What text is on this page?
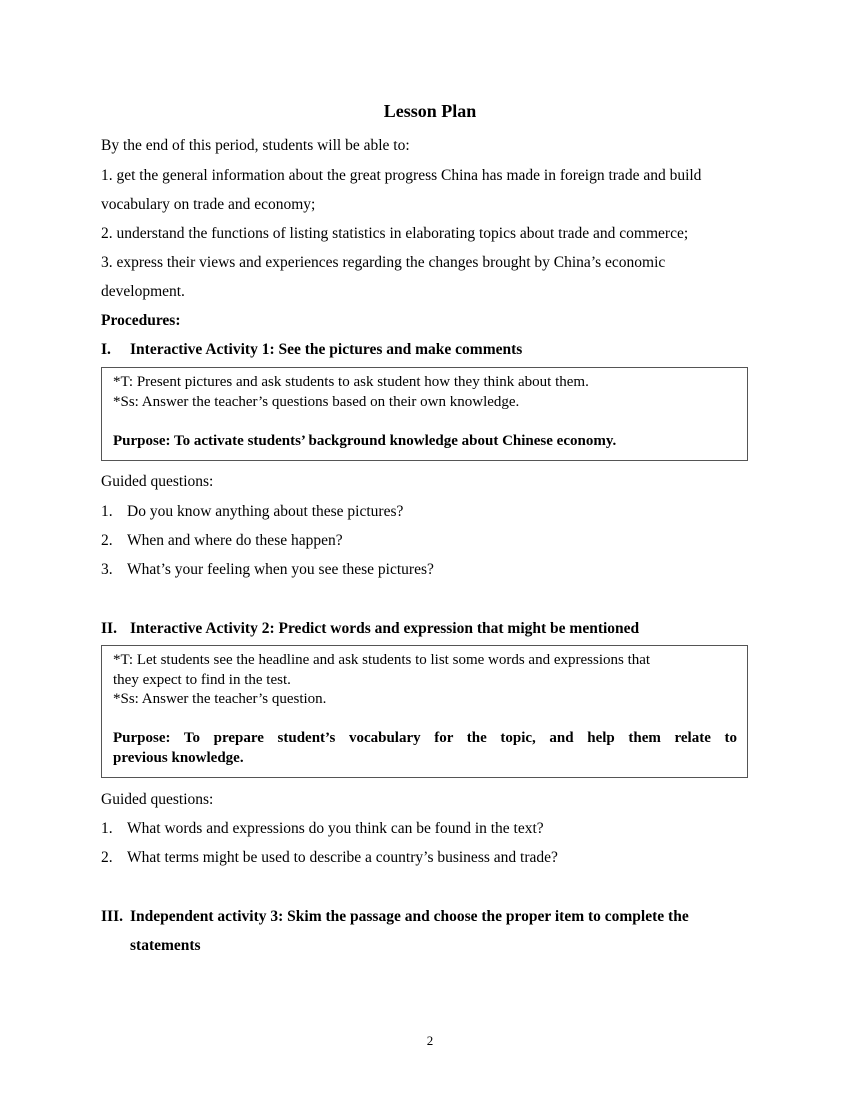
Lesson Plan
By the end of this period, students will be able to:
1. get the general information about the great progress China has made in foreign trade and build
vocabulary on trade and economy;
2. understand the functions of listing statistics in elaborating topics about trade and commerce;
3. express their views and experiences regarding the changes brought by China’s economic
development.
Procedures:
I. Interactive Activity 1: See the pictures and make comments
*T: Present pictures and ask students to ask student how they think about them.
*Ss: Answer the teacher’s questions based on their own knowledge.
Purpose: To activate students’ background knowledge about Chinese economy.
Guided questions:
1. Do you know anything about these pictures?
2. When and where do these happen?
3. What’s your feeling when you see these pictures?
II. Interactive Activity 2: Predict words and expression that might be mentioned
*T: Let students see the headline and ask students to list some words and expressions that
they expect to find in the test.
*Ss: Answer the teacher’s question.
Purpose: To prepare student’s vocabulary for the topic, and help them relate to
previous knowledge.
Guided questions:
1. What words and expressions do you think can be found in the text?
2. What terms might be used to describe a country’s business and trade?
III. Independent activity 3: Skim the passage and choose the proper item to complete the
statements
2
